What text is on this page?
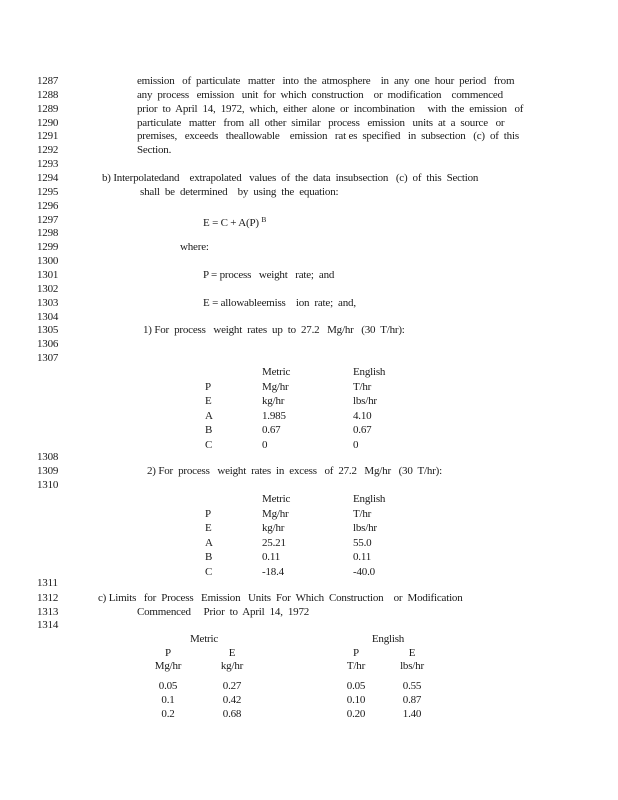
1287	emission   of  particulate   matter   into  the  atmosphere    in  any  one  hour  period   from
1288	any  process   emission   unit  for  which  construction    or  modification    commenced
1289	prior  to  April  14,  1972,  which,  either  alone  or  incombination     with  the  emission   of
1290	particulate   matter   from  all  other  similar   process   emission   units  at  a  source   or
1291	premises,   exceeds   theallowable    emission   rat es  specified   in  subsection   (c)  of  this
1292	Section.
1293
1294	b) Interpolatedand    extrapolated   values  of  the  data  insubsection   (c)  of  this  Section
1295	shall  be  determined    by  using  the  equation:
1296
1297	E = C + A(P) $^B$
1298
1299	where:
1300
1301	P = process   weight   rate;  and
1302
1303	E = allowableemiss    ion  rate;  and,
1304
1305	1) For  process   weight  rates  up  to  27.2   Mg/hr   (30  T/hr):
1306
1307
1308
1309	2) For  process   weight  rates  in  excess   of  27.2   Mg/hr   (30  T/hr):
1310
1311
1312	c) Limits   for  Process   Emission   Units  For  Which  Construction    or  Modification
1313	Commenced     Prior  to  April  14,  1972
1314
Metric	English
P	Mg/hr	T/hr
E	kg/hr	lbs/hr
A	1.985	4.10
B	0.67	0.67
C	0	0
Metric	English
P	Mg/hr	T/hr
E	kg/hr	lbs/hr
A	25.21	55.0
B	0.11	0.11
C	-18.4	-40.0
Metric	English
P	E	P	E
Mg/hr	kg/hr	T/hr	lbs/hr
0.05	0.27	0.05	0.55
0.1	0.42	0.10	0.87
0.2	0.68	0.20	1.40
